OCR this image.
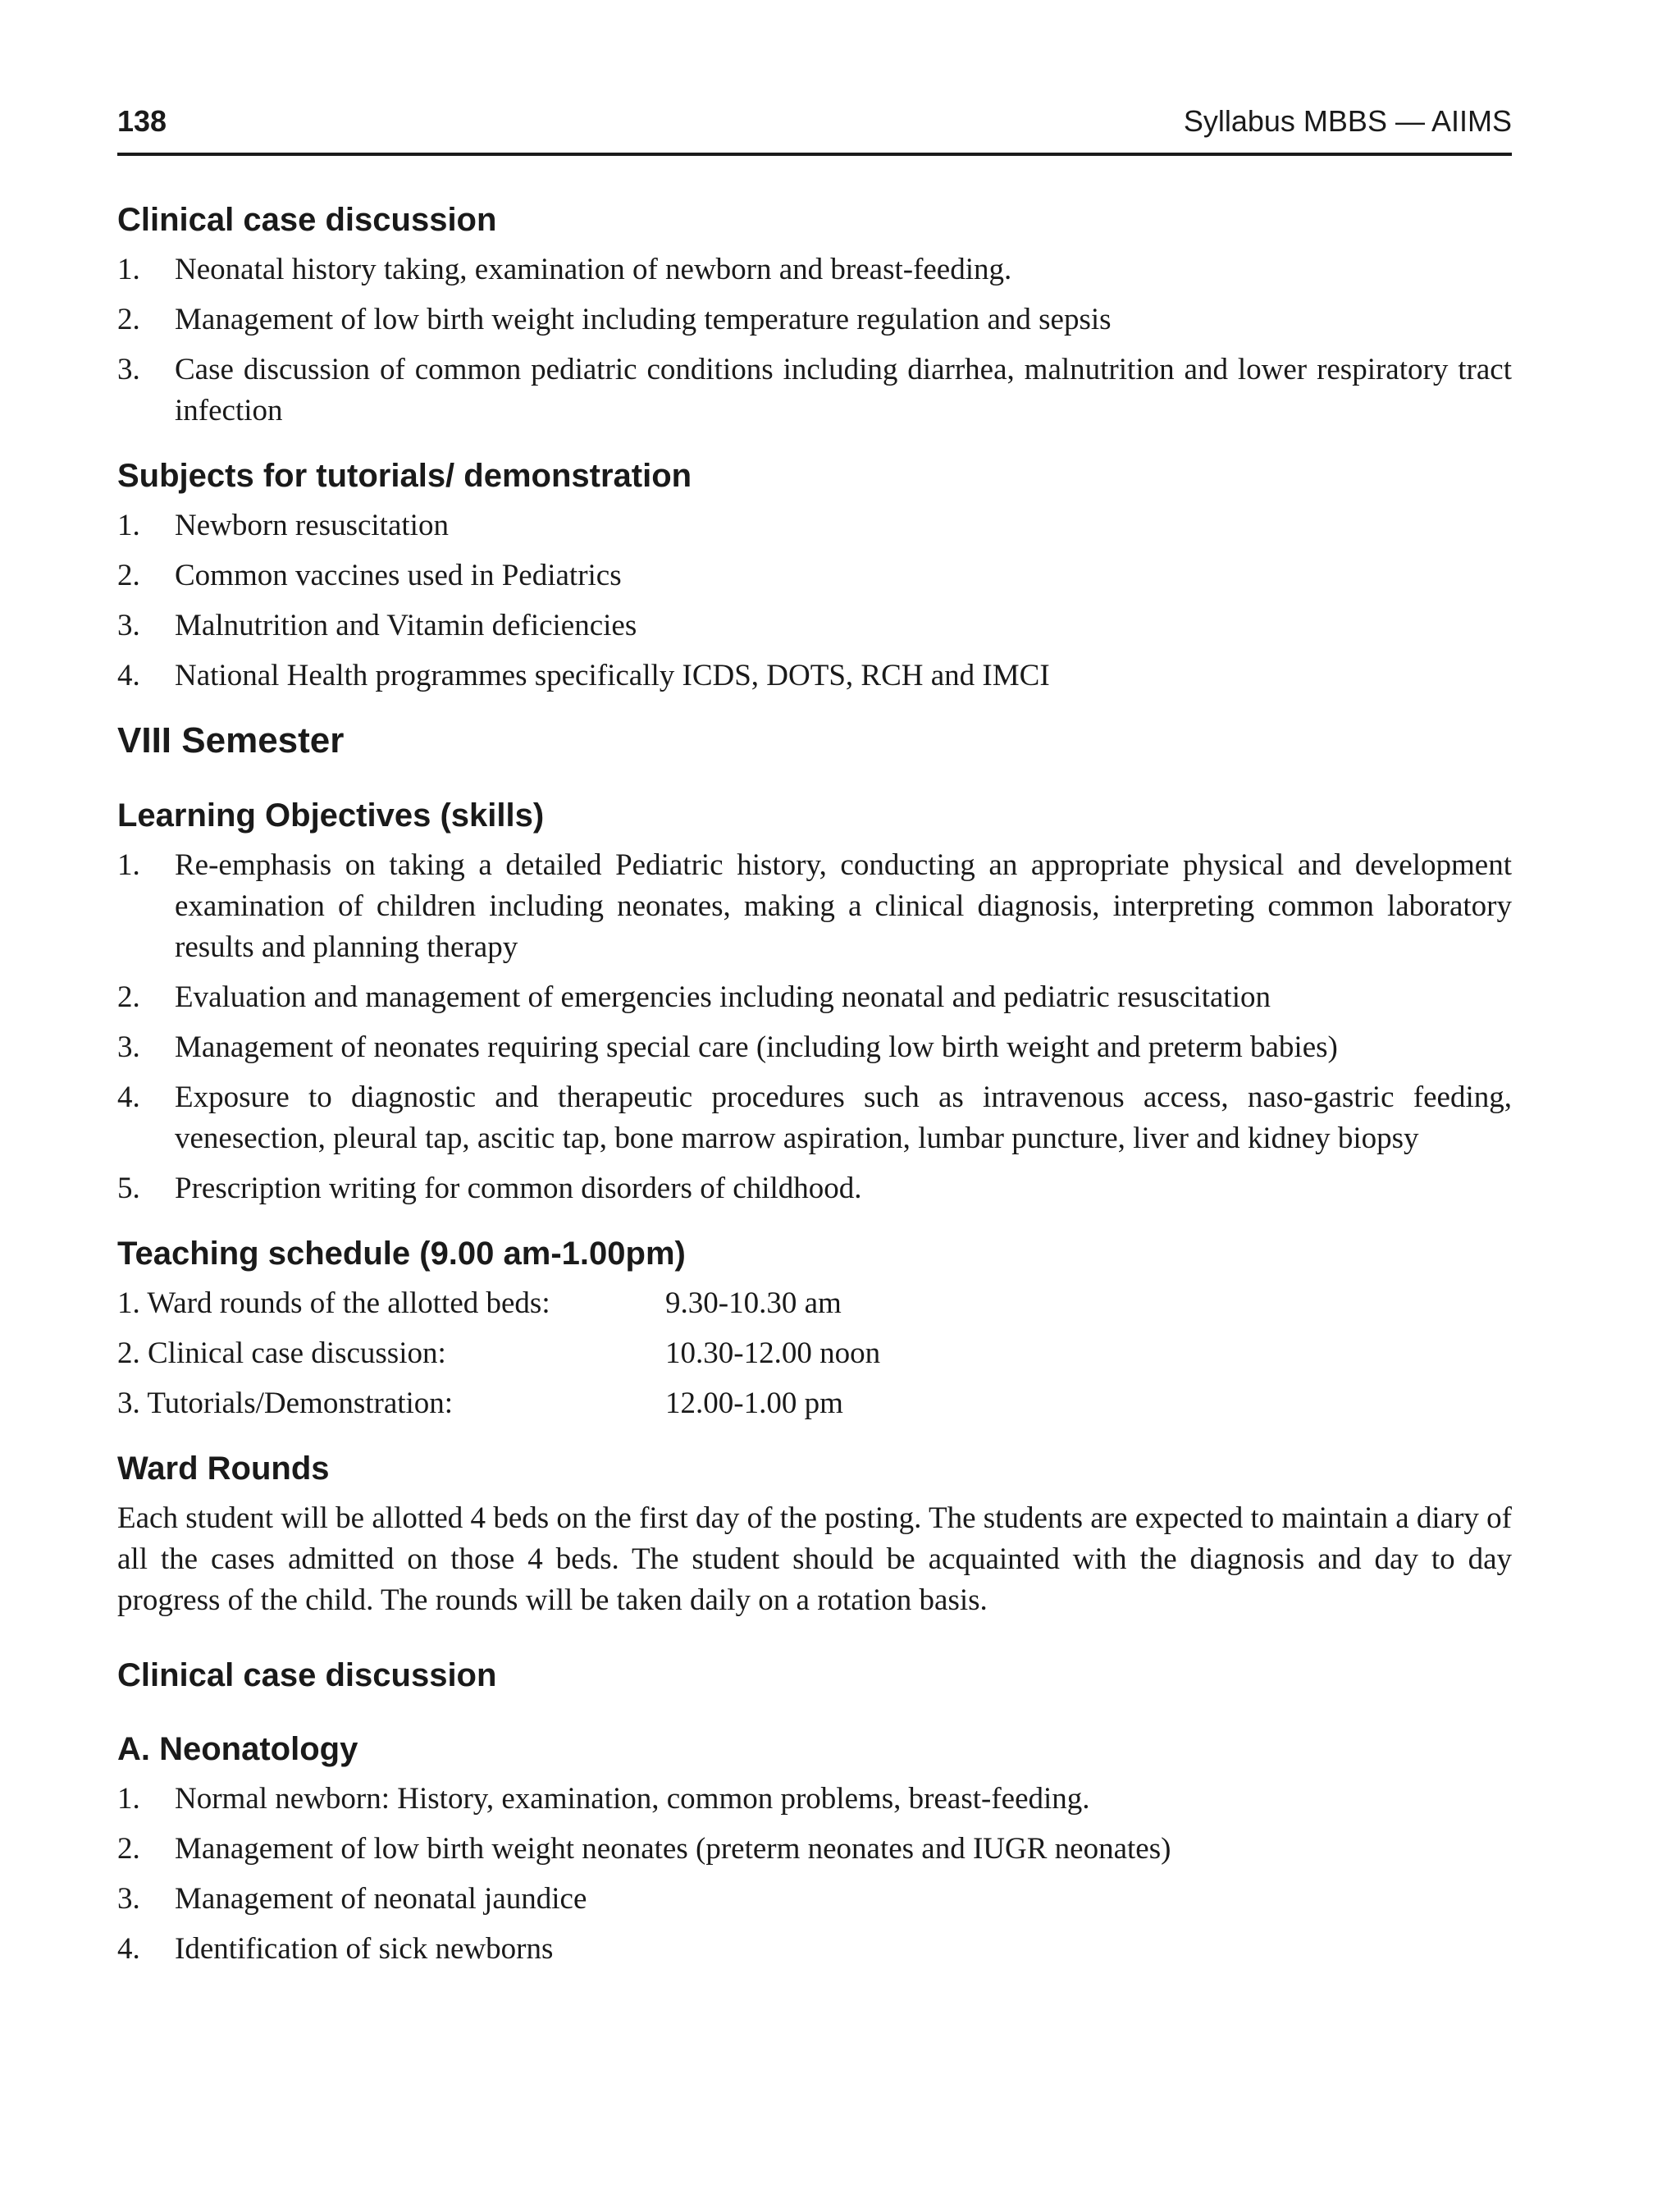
138	Syllabus MBBS — AIIMS
Clinical case discussion
1.	Neonatal history taking, examination of newborn and breast-feeding.
2.	Management of low birth weight including temperature regulation and sepsis
3.	Case discussion of common pediatric conditions including diarrhea, malnutrition and lower respiratory tract infection
Subjects for tutorials/ demonstration
1.	Newborn resuscitation
2.	Common vaccines used in Pediatrics
3.	Malnutrition and Vitamin deficiencies
4.	National Health programmes specifically ICDS, DOTS, RCH and IMCI
VIII Semester
Learning Objectives (skills)
1.	Re-emphasis on taking a detailed Pediatric history, conducting an appropriate physical and development examination of children including neonates, making a clinical diagnosis, interpreting common laboratory results and planning therapy
2.	Evaluation and management of emergencies including neonatal and pediatric resuscitation
3.	Management of neonates requiring special care (including low birth weight and preterm babies)
4.	Exposure to diagnostic and therapeutic procedures such as intravenous access, naso-gastric feeding, venesection, pleural tap, ascitic tap, bone marrow aspiration, lumbar puncture, liver and kidney biopsy
5.	Prescription writing for common disorders of childhood.
Teaching schedule (9.00 am-1.00pm)
1. Ward rounds of the allotted beds:	9.30-10.30 am
2. Clinical case discussion:	10.30-12.00 noon
3. Tutorials/Demonstration:	12.00-1.00 pm
Ward Rounds

Each student will be allotted 4 beds on the first day of the posting. The students are expected to maintain a diary of all the cases admitted on those 4 beds. The student should be acquainted with the diagnosis and day to day progress of the child. The rounds will be taken daily on a rotation basis.

Clinical case discussion
A. Neonatology
1.	Normal newborn: History, examination, common problems, breast-feeding.
2.	Management of low birth weight neonates (preterm neonates and IUGR neonates)
3.	Management of neonatal jaundice
4.	Identification of sick newborns
